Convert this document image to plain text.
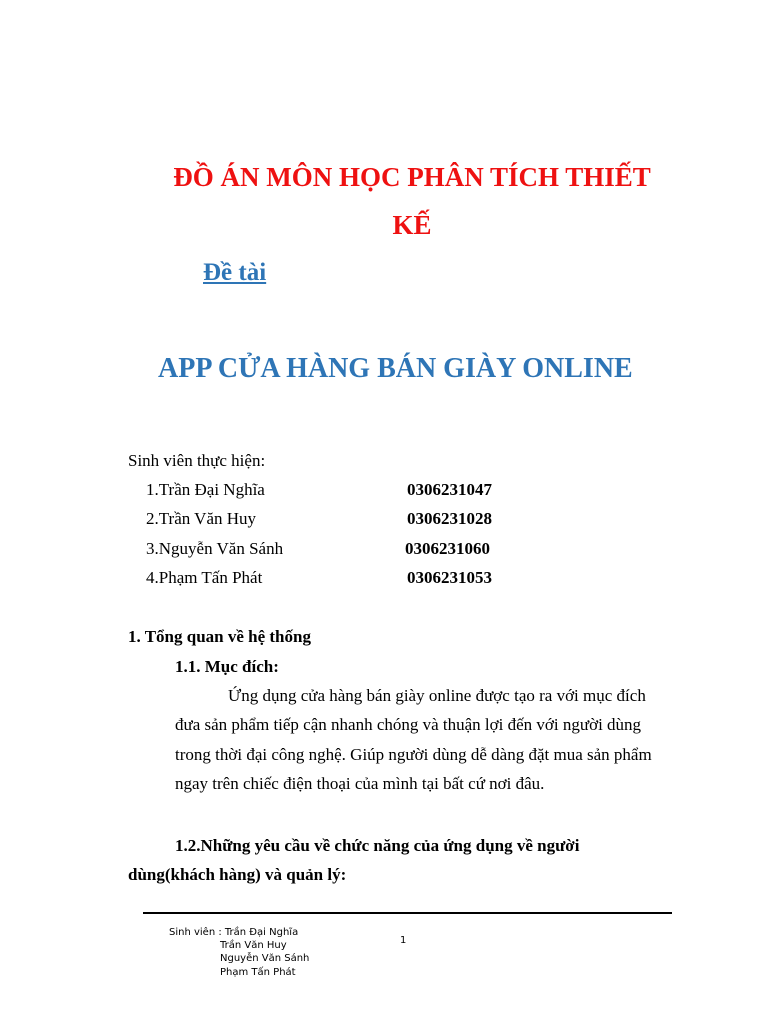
ĐỒ ÁN MÔN HỌC PHÂN TÍCH THIẾT
KẾ
Đề tài
APP CỬA HÀNG BÁN GIÀY ONLINE
Sinh viên thực hiện:
1.Trần Đại Nghĩa	0306231047
2.Trần Văn Huy	0306231028
3.Nguyễn Văn Sánh	0306231060
4.Phạm Tấn Phát	0306231053
1. Tổng quan về hệ thống
1.1. Mục đích:
Ứng dụng cửa hàng bán giày online được tạo ra với mục đích
đưa sản phẩm tiếp cận nhanh chóng và thuận lợi đến với người dùng
trong thời đại công nghệ. Giúp người dùng dễ dàng đặt mua sản phẩm
ngay trên chiếc điện thoại của mình tại bất cứ nơi đâu.
1.2.Những yêu cầu về chức năng của ứng dụng về người
dùng(khách hàng) và quản lý:
Sinh viên : Trần Đại Nghĩa
Trần Văn Huy
Nguyễn Văn Sánh
Phạm Tấn Phát
1
